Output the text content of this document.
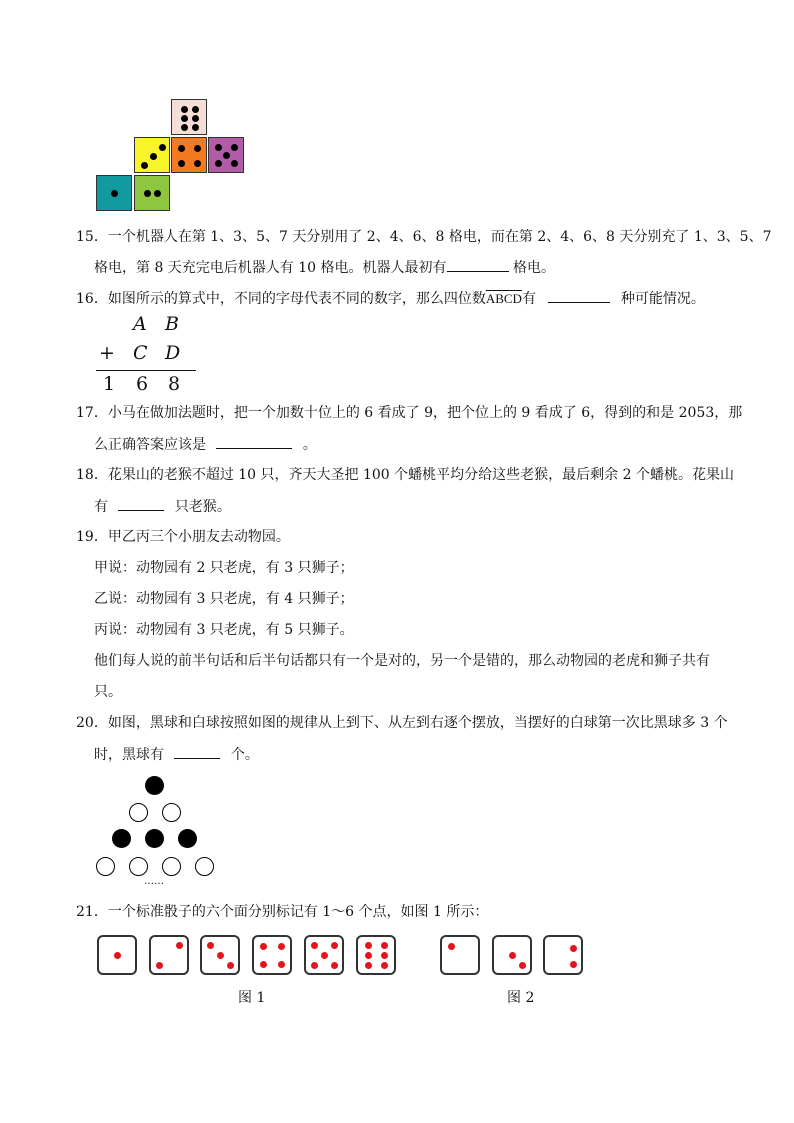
15．一个机器人在第 1、3、5、7 天分别用了 2、4、6、8 格电，而在第 2、4、6、8 天分别充了 1、3、5、7
格电，第 8 天充完电后机器人有 10 格电。机器人最初有	格电。
16．如图所示的算式中，不同的字母代表不同的数字，那么四位数ABCD有	种可能情况。
A B
+ C D
1 6 8
17．小马在做加法题时，把一个加数十位上的 6 看成了 9，把个位上的 9 看成了 6，得到的和是 2053，那
么正确答案应该是	。
18．花果山的老猴不超过 10 只，齐天大圣把 100 个蟠桃平均分给这些老猴，最后剩余 2 个蟠桃。花果山
有	只老猴。
19．甲乙丙三个小朋友去动物园。
甲说：动物园有 2 只老虎，有 3 只狮子；
乙说：动物园有 3 只老虎，有 4 只狮子；
丙说：动物园有 3 只老虎，有 5 只狮子。
他们每人说的前半句话和后半句话都只有一个是对的，另一个是错的，那么动物园的老虎和狮子共有
只。
20．如图，黑球和白球按照如图的规律从上到下、从左到右逐个摆放，当摆好的白球第一次比黑球多 3 个
时，黑球有	个。
……
21．一个标准骰子的六个面分别标记有 1～6 个点，如图 1 所示：
图 1	图 2
